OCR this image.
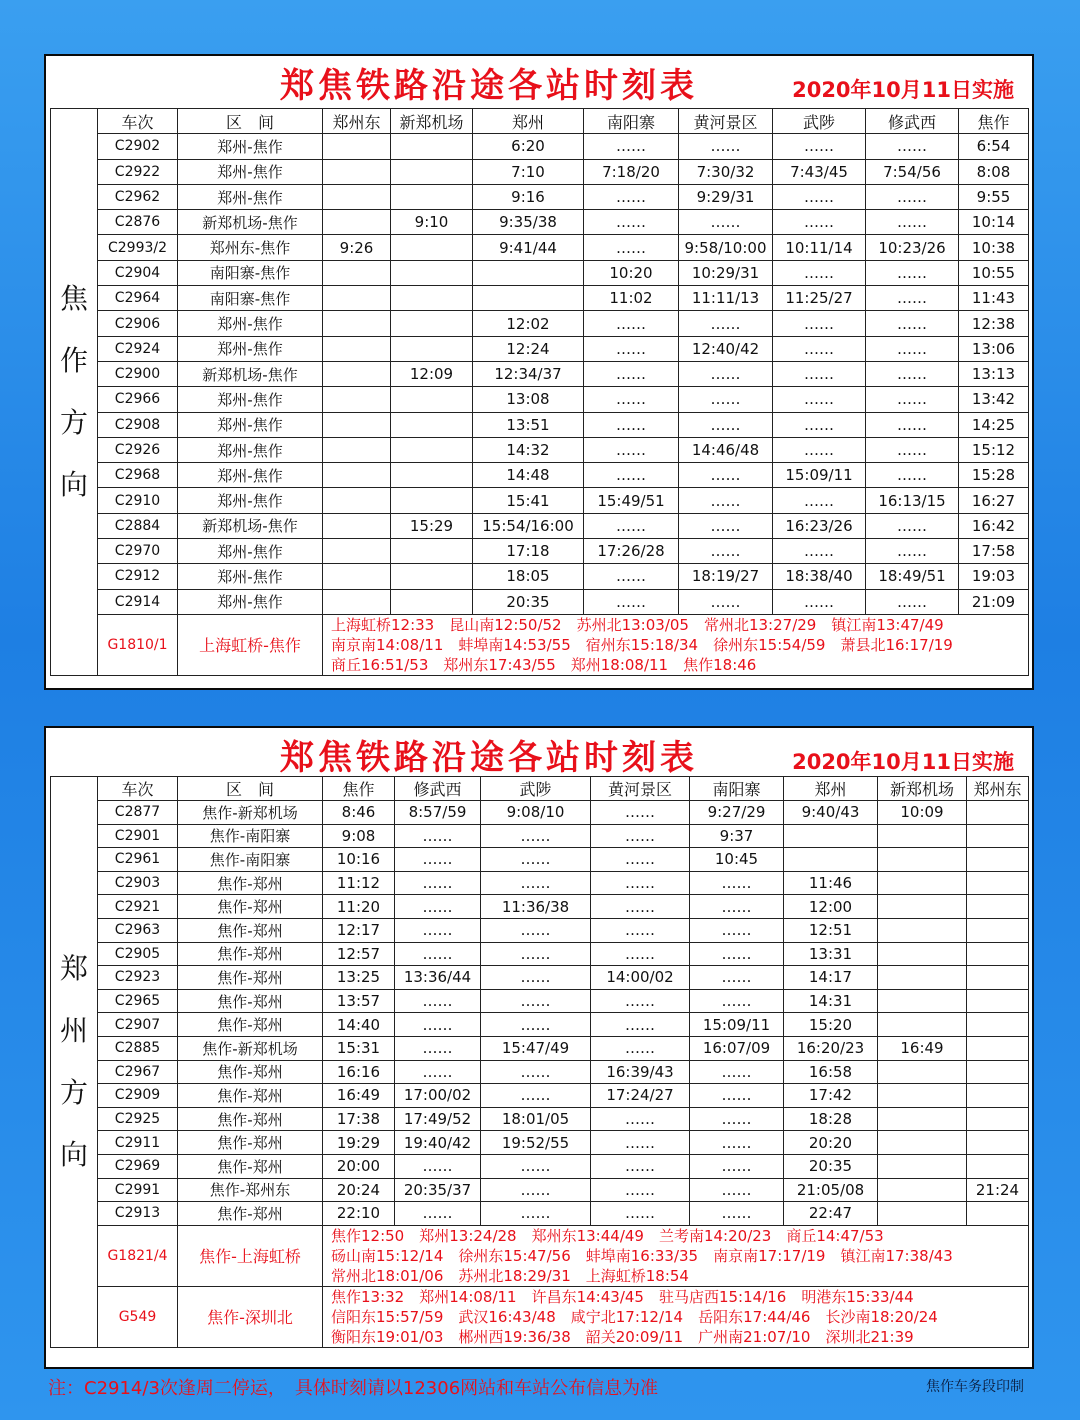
郑焦铁路沿途各站时刻表	2020年10月11日实施
焦
作
方
向	车次	区　间	郑州东	新郑机场	郑州	南阳寨	黄河景区	武陟	修武西	焦作
	C2902	郑州-焦作			6:20	……	……	……	……	6:54
	C2922	郑州-焦作			7:10	7:18/20	7:30/32	7:43/45	7:54/56	8:08
	C2962	郑州-焦作			9:16	……	9:29/31	……	……	9:55
	C2876	新郑机场-焦作		9:10	9:35/38	……	……	……	……	10:14
	C2993/2	郑州东-焦作	9:26		9:41/44	……	9:58/10:00	10:11/14	10:23/26	10:38
	C2904	南阳寨-焦作				10:20	10:29/31	……	……	10:55
	C2964	南阳寨-焦作				11:02	11:11/13	11:25/27	……	11:43
	C2906	郑州-焦作			12:02	……	……	……	……	12:38
	C2924	郑州-焦作			12:24	……	12:40/42	……	……	13:06
	C2900	新郑机场-焦作		12:09	12:34/37	……	……	……	……	13:13
	C2966	郑州-焦作			13:08	……	……	……	……	13:42
	C2908	郑州-焦作			13:51	……	……	……	……	14:25
	C2926	郑州-焦作			14:32	……	14:46/48	……	……	15:12
	C2968	郑州-焦作			14:48	……	……	15:09/11	……	15:28
	C2910	郑州-焦作			15:41	15:49/51	……	……	16:13/15	16:27
	C2884	新郑机场-焦作		15:29	15:54/16:00	……	……	16:23/26	……	16:42
	C2970	郑州-焦作			17:18	17:26/28	……	……	……	17:58
	C2912	郑州-焦作			18:05	……	18:19/27	18:38/40	18:49/51	19:03
	C2914	郑州-焦作			20:35	……	……	……	……	21:09
	G1810/1	上海虹桥-焦作	上海虹桥12:33　昆山南12:50/52　苏州北13:03/05　常州北13:27/29　镇江南13:47/49
南京南14:08/11　蚌埠南14:53/55　宿州东15:18/34　徐州东15:54/59　萧县北16:17/19
商丘16:51/53　郑州东17:43/55　郑州18:08/11　焦作18:46							
郑焦铁路沿途各站时刻表	2020年10月11日实施
郑
州
方
向	车次	区　间	焦作	修武西	武陟	黄河景区	南阳寨	郑州	新郑机场	郑州东
	C2877	焦作-新郑机场	8:46	8:57/59	9:08/10	……	9:27/29	9:40/43	10:09	
	C2901	焦作-南阳寨	9:08	……	……	……	9:37			
	C2961	焦作-南阳寨	10:16	……	……	……	10:45			
	C2903	焦作-郑州	11:12	……	……	……	……	11:46		
	C2921	焦作-郑州	11:20	……	11:36/38	……	……	12:00		
	C2963	焦作-郑州	12:17	……	……	……	……	12:51		
	C2905	焦作-郑州	12:57	……	……	……	……	13:31		
	C2923	焦作-郑州	13:25	13:36/44	……	14:00/02	……	14:17		
	C2965	焦作-郑州	13:57	……	……	……	……	14:31		
	C2907	焦作-郑州	14:40	……	……	……	15:09/11	15:20		
	C2885	焦作-新郑机场	15:31	……	15:47/49	……	16:07/09	16:20/23	16:49	
	C2967	焦作-郑州	16:16	……	……	16:39/43	……	16:58		
	C2909	焦作-郑州	16:49	17:00/02	……	17:24/27	……	17:42		
	C2925	焦作-郑州	17:38	17:49/52	18:01/05	……	……	18:28		
	C2911	焦作-郑州	19:29	19:40/42	19:52/55	……	……	20:20		
	C2969	焦作-郑州	20:00	……	……	……	……	20:35		
	C2991	焦作-郑州东	20:24	20:35/37	……	……	……	21:05/08		21:24
	C2913	焦作-郑州	22:10	……	……	……	……	22:47		
	G1821/4	焦作-上海虹桥	焦作12:50　郑州13:24/28　郑州东13:44/49　兰考南14:20/23　商丘14:47/53
砀山南15:12/14　徐州东15:47/56　蚌埠南16:33/35　南京南17:17/19　镇江南17:38/43
常州北18:01/06　苏州北18:29/31　上海虹桥18:54							

	G549	焦作-深圳北	焦作13:32　郑州14:08/11　许昌东14:43/45　驻马店西15:14/16　明港东15:33/44
信阳东15:57/59　武汉16:43/48　咸宁北17:12/14　岳阳东17:44/46　长沙南18:20/24
衡阳东19:01/03　郴州西19:36/38　韶关20:09/11　广州南21:07/10　深圳北21:39							
注：C2914/3次逢周二停运，　具体时刻请以12306网站和车站公布信息为准	焦作车务段印制
